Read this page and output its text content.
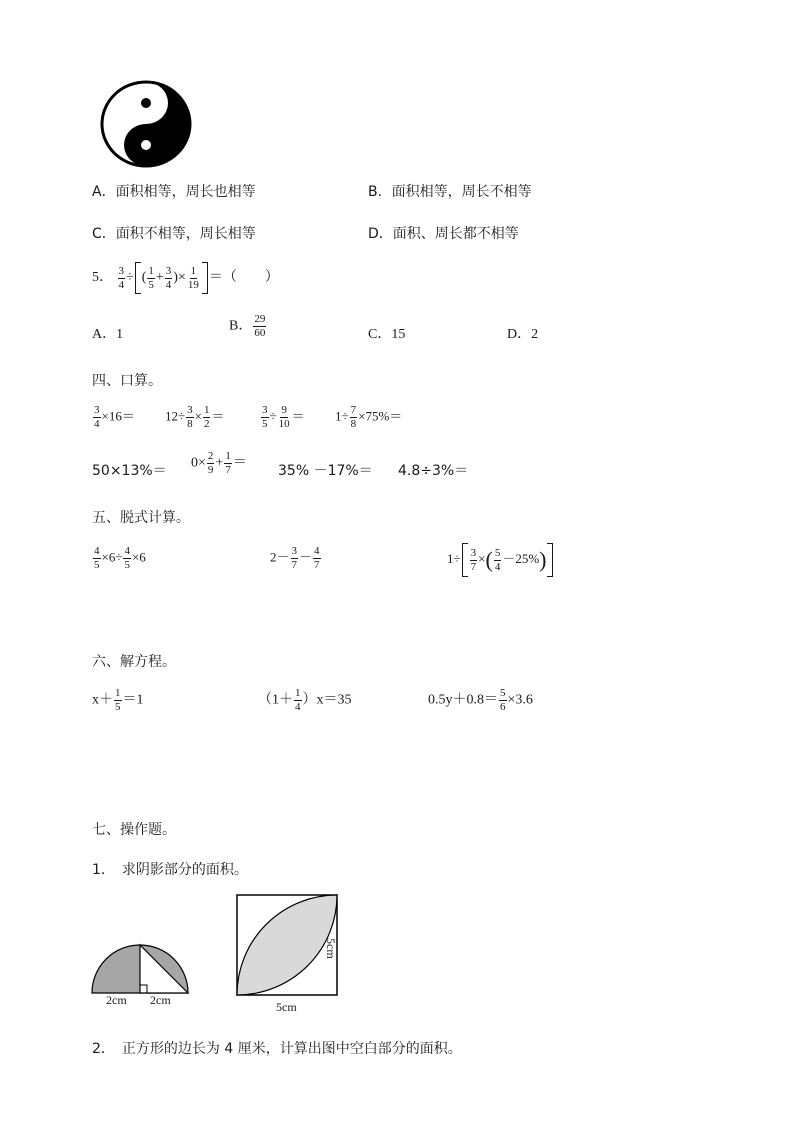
A．面积相等，周长也相等	B．面积相等，周长不相等
C．面积不相等，周长相等	D．面积、周长都不相等
5． $\frac{3}{4}$ ÷ ( $\frac{1}{5} + \frac{3}{4}$ )× $\frac{1}{19}$ ＝（　　）
A．1
B． $\frac{29}{60}$	C．15	D．2
四、口算。
$\frac{3}{4} \times 16= 12\div \frac{3}{8} \times \frac{1}{2}$ ＝	$\frac{3}{5} \div \frac{9}{10} = 1\div \frac{7}{8} \times 75\%=$
$50\times 13\%= 0\times \frac{2}{9} + \frac{1}{7} = 35\% -17\%= 4.8\div 3\%=$
五、脱式计算。
$\frac{4}{5} \times 6\div \frac{4}{5} \times 6$	$2- \frac{3}{7} - \frac{4}{7}$	$1\div \frac{3}{7}$ ×( $\frac{5}{4} -25\%$)
六、解方程。
$x+ \frac{1}{5} =1$	$(1+ \frac{1}{4} )x=35$	$0.5y+0.8= \frac{5}{6} \times 3.6$
七、操作题。
1．　求阴影部分的面积。
2cm 2cm	5cm
5cm
2．　正方形的边长为 4 厘米，计算出图中空白部分的面积。
